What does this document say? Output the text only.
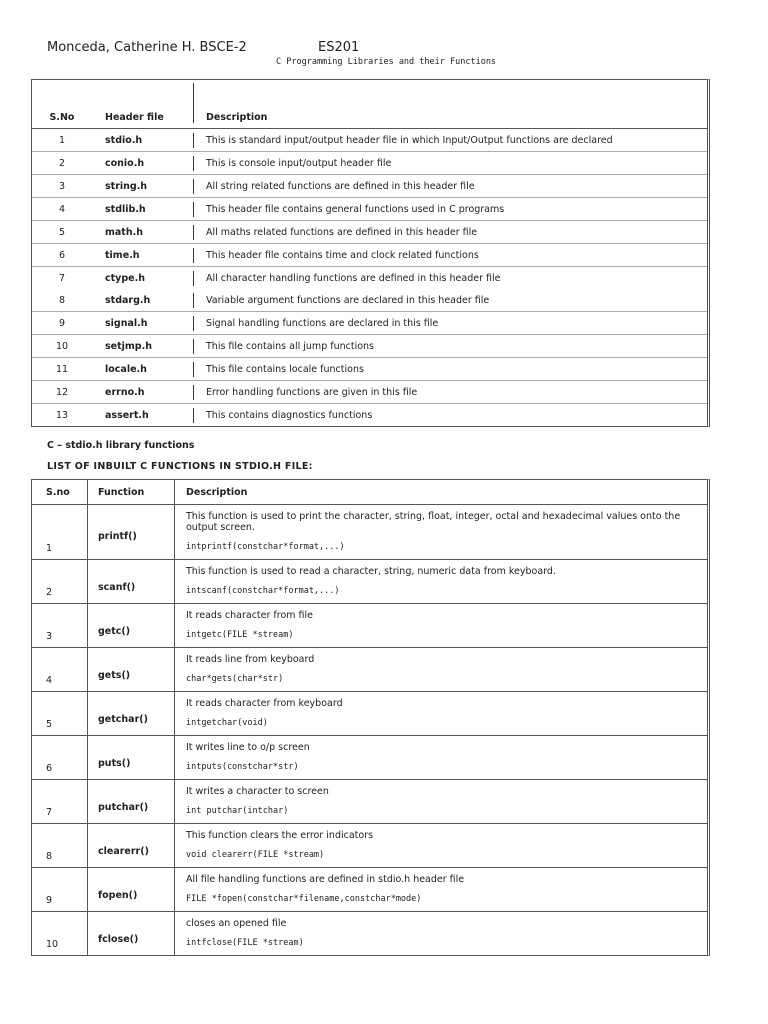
Monceda, Catherine H. BSCE-2	ES201
C Programming Libraries and their Functions
S.No	Header file	Description
1	stdio.h	This is standard input/output header file in which Input/Output functions are declared
2	conio.h	This is console input/output header file
3	string.h	All string related functions are defined in this header file
4	stdlib.h	This header file contains general functions used in C programs
5	math.h	All maths related functions are defined in this header file
6	time.h	This header file contains time and clock related functions
7	ctype.h	All character handling functions are defined in this header file
8	stdarg.h	Variable argument functions are declared in this header file
9	signal.h	Signal handling functions are declared in this file
10	setjmp.h	This file contains all jump functions
11	locale.h	This file contains locale functions
12	errno.h	Error handling functions are given in this file
13	assert.h	This contains diagnostics functions
C – stdio.h library functions
LIST OF INBUILT C FUNCTIONS IN STDIO.H FILE:
S.no	Function	Description
1
printf()
This function is used to print the character, string, float, integer, octal and hexadecimal values onto the output screen.
intprintf(constchar*format,...)
2	scanf()
This function is used to read a character, string, numeric data from keyboard.
intscanf(constchar*format,...)
3	getc()
It reads character from file
intgetc(FILE *stream)
4	gets()
It reads line from keyboard
char*gets(char*str)
5	getchar()
It reads character from keyboard
intgetchar(void)
6	puts()
It writes line to o/p screen
intputs(constchar*str)
7	putchar()
It writes a character to screen
int putchar(intchar)
8	clearerr()
This function clears the error indicators
void clearerr(FILE *stream)
9	fopen()
All file handling functions are defined in stdio.h header file
FILE *fopen(constchar*filename,constchar*mode)
10	fclose()
closes an opened file
intfclose(FILE *stream)
